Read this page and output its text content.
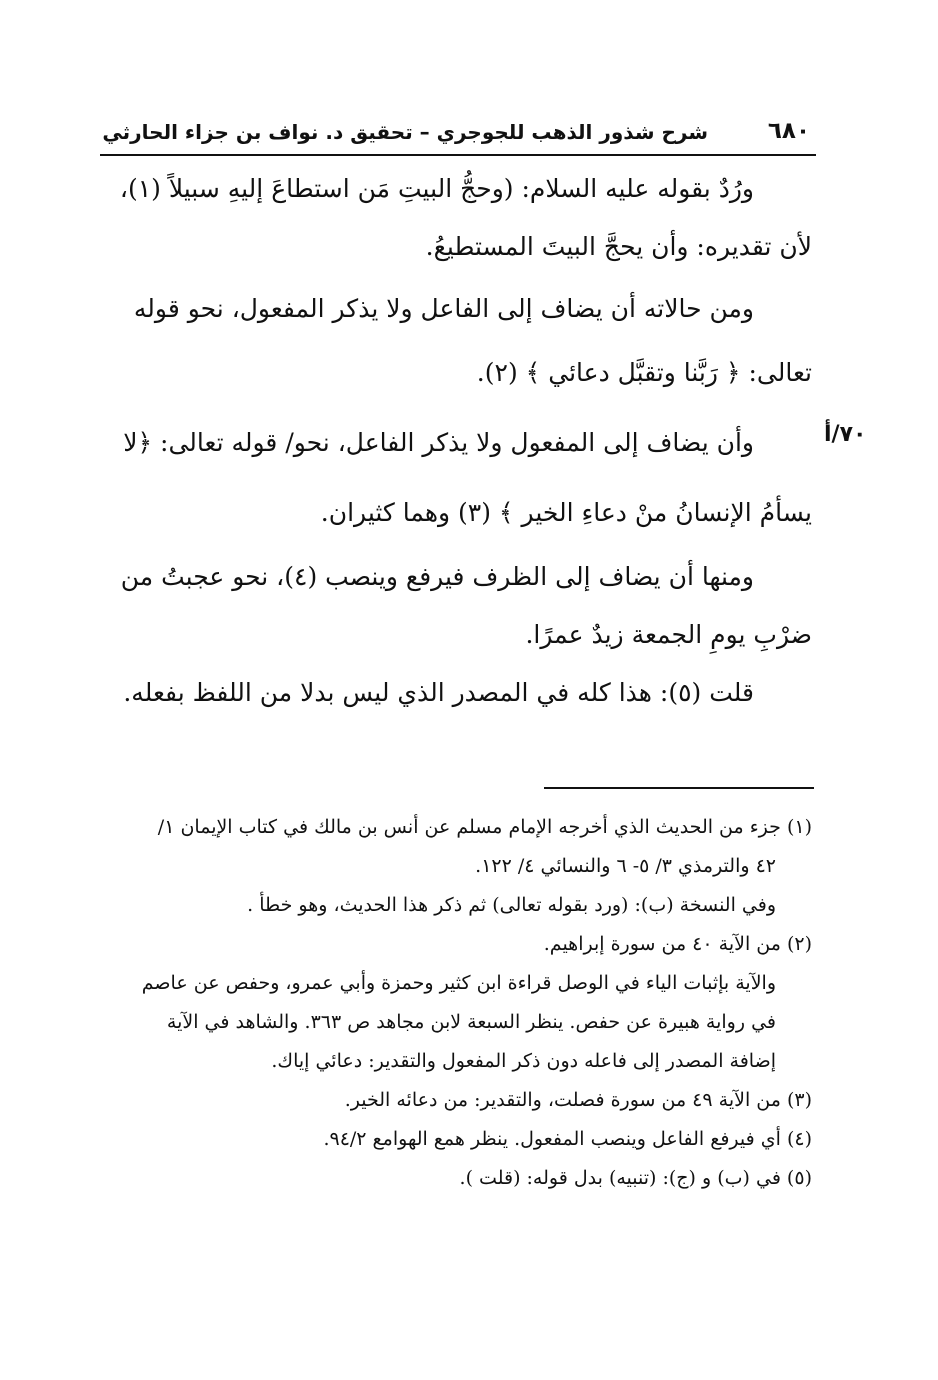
٦٨٠
شرح شذور الذهب للجوجري – تحقيق د. نواف بن جزاء الحارثي
٧٠/أ

ورُدٌ بقوله عليه السلام: (وحجُّ البيتِ مَن استطاعَ إليهِ سبيلاً (١)،

لأن تقديره: وأن يحجَّ البيتَ المستطيعُ.

ومن حالاته أن يضاف إلى الفاعل ولا يذكر المفعول، نحو قوله

تعالى: ﴿ رَبَّنا وتقبَّل دعائي ﴾ (٢).

وأن يضاف إلى المفعول ولا يذكر الفاعل، نحو/ قوله تعالى: ﴿لا

يسأمُ الإنسانُ منْ دعاءِ الخير ﴾ (٣) وهما كثيران.

ومنها أن يضاف إلى الظرف فيرفع وينصب (٤)، نحو عجبتُ من

ضرْبِ يومِ الجمعة زيدٌ عمرًا.

قلت (٥): هذا كله في المصدر الذي ليس بدلا من اللفظ بفعله.

(١) جزء من الحديث الذي أخرجه الإمام مسلم عن أنس بن مالك في كتاب الإيمان ١/

٤٢ والترمذي ٣/ ٥- ٦ والنسائي ٤/ ١٢٢.

وفي النسخة (ب): (ورد بقوله تعالى) ثم ذكر هذا الحديث، وهو خطأ .

(٢) من الآية ٤٠ من سورة إبراهيم.

والآية بإثبات الياء في الوصل قراءة ابن كثير وحمزة وأبي عمرو، وحفص عن عاصم

في رواية هبيرة عن حفص. ينظر السبعة لابن مجاهد ص ٣٦٣. والشاهد في الآية

إضافة المصدر إلى فاعله دون ذكر المفعول والتقدير: دعائي إياك.

(٣) من الآية ٤٩ من سورة فصلت، والتقدير: من دعائه الخير.

(٤) أي فيرفع الفاعل وينصب المفعول. ينظر همع الهوامع ٩٤/٢.

(٥) في (ب) و (ج): (تنبيه) بدل قوله: (قلت ).
